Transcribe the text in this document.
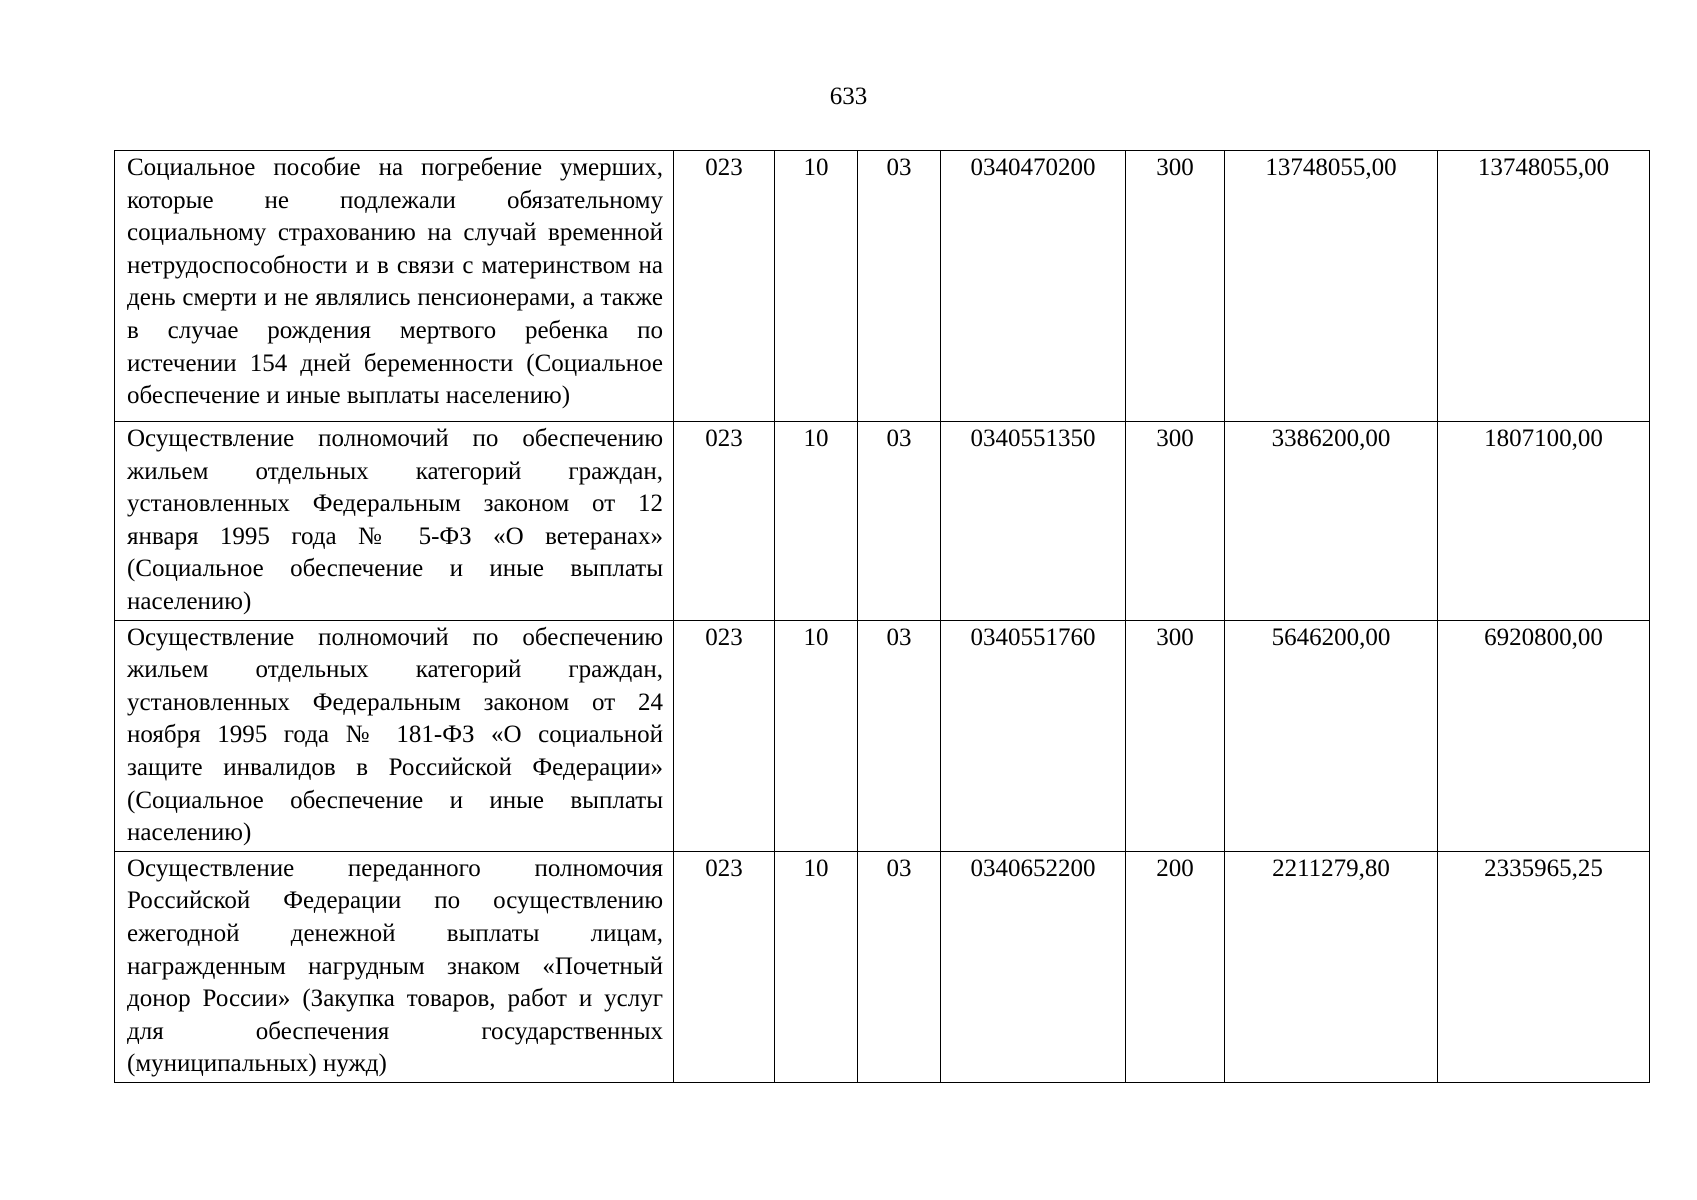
633
Социальное пособие на погребение умерших, которые не подлежали обязательному социальному страхованию на случай временной нетрудоспособности и в связи с материнством на день смерти и не являлись пенсионерами, а также в случае рождения мертвого ребенка по истечении 154 дней беременности (Социальное обеспечение и иные выплаты населению)	023	10	03	0340470200	300	13748055,00	13748055,00
Осуществление полномочий по обеспечению жильем отдельных категорий граждан, установленных Федеральным законом от 12 января 1995 года № 5-ФЗ «О ветеранах» (Социальное обеспечение и иные выплаты населению)	023	10	03	0340551350	300	3386200,00	1807100,00
Осуществление полномочий по обеспечению жильем отдельных категорий граждан, установленных Федеральным законом от 24 ноября 1995 года № 181-ФЗ «О социальной защите инвалидов в Российской Федерации» (Социальное обеспечение и иные выплаты населению)	023	10	03	0340551760	300	5646200,00	6920800,00
Осуществление переданного полномочия Российской Федерации по осуществлению ежегодной денежной выплаты лицам, награжденным нагрудным знаком «Почетный донор России» (Закупка товаров, работ и услуг для обеспечения государственных (муниципальных) нужд)	023	10	03	0340652200	200	2211279,80	2335965,25
